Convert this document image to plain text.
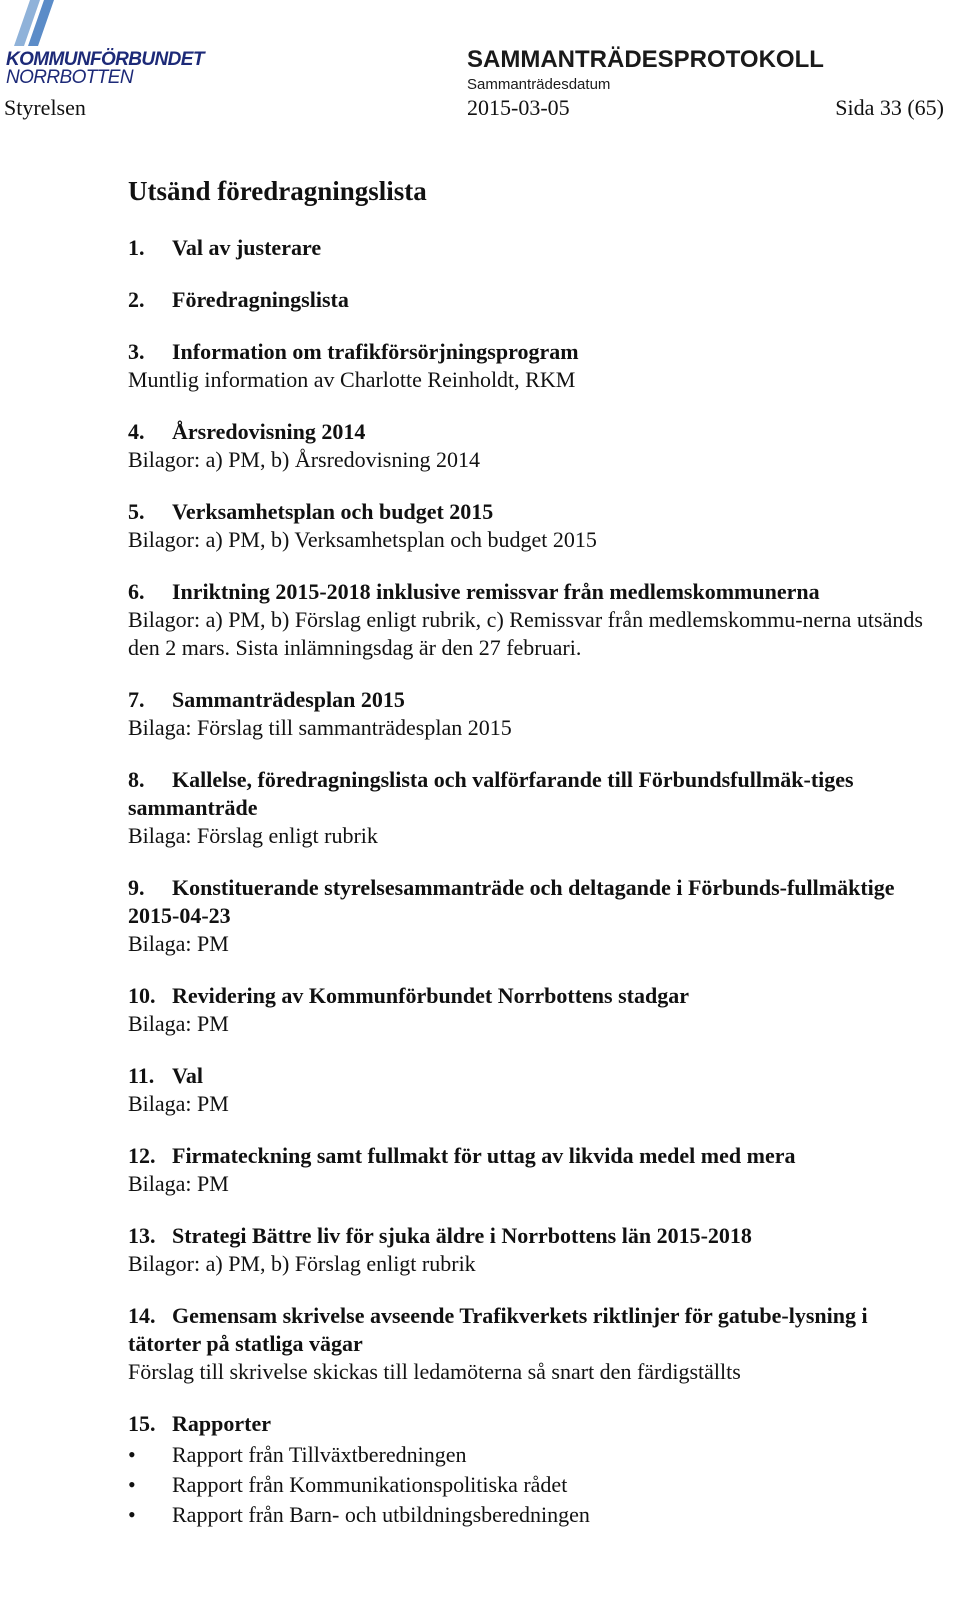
KOMMUNFÖRBUNDET
NORRBOTTEN
SAMMANTRÄDESPROTOKOLL
Sammanträdesdatum
Styrelsen	2015-03-05	Sida 33 (65)
Utsänd föredragningslista
1. Val av justerare
2. Föredragningslista
3. Information om trafikförsörjningsprogram
Muntlig information av Charlotte Reinholdt, RKM
4. Årsredovisning 2014
Bilagor: a) PM, b) Årsredovisning 2014
5. Verksamhetsplan och budget 2015
Bilagor: a) PM, b) Verksamhetsplan och budget 2015
6. Inriktning 2015-2018 inklusive remissvar från medlemskommunerna
Bilagor: a) PM, b) Förslag enligt rubrik, c) Remissvar från medlemskommu-nerna utsänds den 2 mars. Sista inlämningsdag är den 27 februari.
7. Sammanträdesplan 2015
Bilaga: Förslag till sammanträdesplan 2015
8. Kallelse, föredragningslista och valförfarande till Förbundsfullmäk-tiges sammanträde
Bilaga: Förslag enligt rubrik
9. Konstituerande styrelsesammanträde och deltagande i Förbunds-fullmäktige 2015-04-23
Bilaga: PM
10. Revidering av Kommunförbundet Norrbottens stadgar
Bilaga: PM
11. Val
Bilaga: PM
12. Firmateckning samt fullmakt för uttag av likvida medel med mera
Bilaga: PM
13. Strategi Bättre liv för sjuka äldre i Norrbottens län 2015-2018
Bilagor: a) PM, b) Förslag enligt rubrik
14. Gemensam skrivelse avseende Trafikverkets riktlinjer för gatube-lysning i tätorter på statliga vägar
Förslag till skrivelse skickas till ledamöterna så snart den färdigställts
15. Rapporter
• Rapport från Tillväxtberedningen
• Rapport från Kommunikationspolitiska rådet
• Rapport från Barn- och utbildningsberedningen
